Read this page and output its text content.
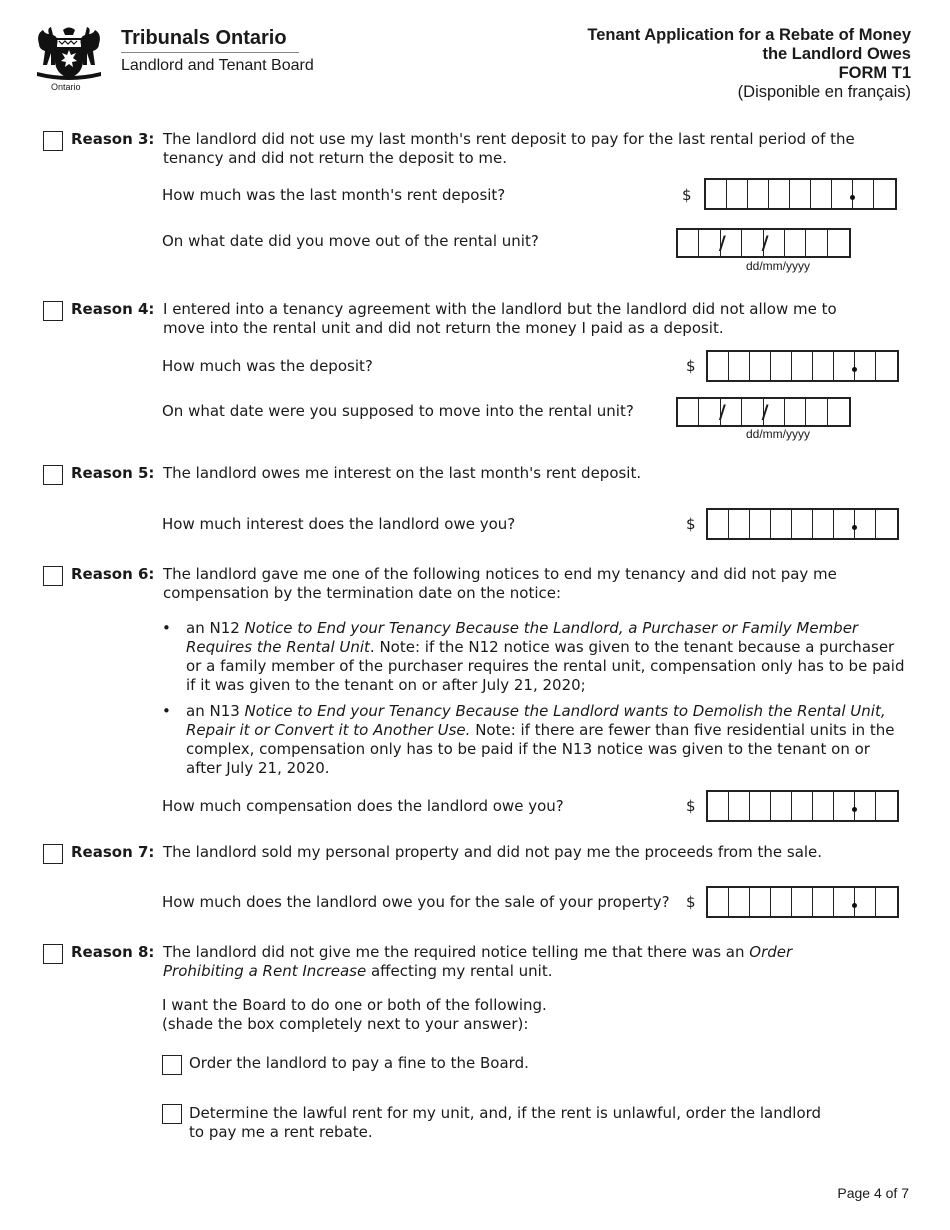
Ontario
Tribunals Ontario
Landlord and Tenant Board
Tenant Application for a Rebate of Money
the Landlord Owes
FORM T1
(Disponible en français)
Reason 3: The landlord did not use my last month's rent deposit to pay for the last rental period of the
tenancy and did not return the deposit to me.
How much was the last month's rent deposit?	$
On what date did you move out of the rental unit?
/
/
dd/mm/yyyy
Reason 4: I entered into a tenancy agreement with the landlord but the landlord did not allow me to
move into the rental unit and did not return the money I paid as a deposit.
How much was the deposit?	$
On what date were you supposed to move into the rental unit?
/
/
dd/mm/yyyy
Reason 5: The landlord owes me interest on the last month's rent deposit.
How much interest does the landlord owe you?	$
Reason 6: The landlord gave me one of the following notices to end my tenancy and did not pay me
compensation by the termination date on the notice:
• an N12 Notice to End your Tenancy Because the Landlord, a Purchaser or Family Member Requires the Rental Unit. Note: if the N12 notice was given to the tenant because a purchaser or a family member of the purchaser requires the rental unit, compensation only has to be paid if it was given to the tenant on or after July 21, 2020;
• an N13 Notice to End your Tenancy Because the Landlord wants to Demolish the Rental Unit, Repair it or Convert it to Another Use. Note: if there are fewer than five residential units in the complex, compensation only has to be paid if the N13 notice was given to the tenant on or after July 21, 2020.
How much compensation does the landlord owe you?	$
Reason 7: The landlord sold my personal property and did not pay me the proceeds from the sale.
How much does the landlord owe you for the sale of your property? $
Reason 8: The landlord did not give me the required notice telling me that there was an Order
Prohibiting a Rent Increase affecting my rental unit.
I want the Board to do one or both of the following.
(shade the box completely next to your answer):
Order the landlord to pay a fine to the Board.
Determine the lawful rent for my unit, and, if the rent is unlawful, order the landlord
to pay me a rent rebate.
Page 4 of 7
